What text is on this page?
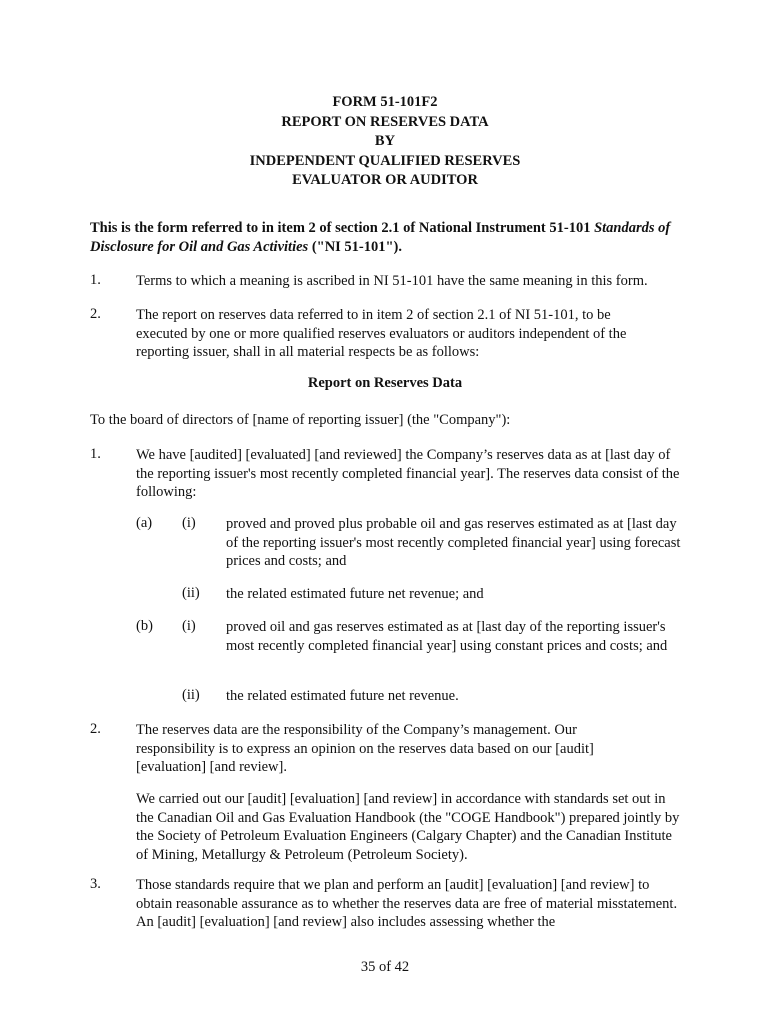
FORM 51-101F2
REPORT ON RESERVES DATA
BY
INDEPENDENT QUALIFIED RESERVES
EVALUATOR OR AUDITOR
This is the form referred to in item 2 of section 2.1 of National Instrument 51-101 Standards of Disclosure for Oil and Gas Activities ("NI 51-101").
1. Terms to which a meaning is ascribed in NI 51-101 have the same meaning in this form.
2. The report on reserves data referred to in item 2 of section 2.1 of NI 51-101, to be executed by one or more qualified reserves evaluators or auditors independent of the reporting issuer, shall in all material respects be as follows:
Report on Reserves Data
To the board of directors of [name of reporting issuer] (the "Company"):
1. We have [audited] [evaluated] [and reviewed] the Company’s reserves data as at [last day of the reporting issuer's most recently completed financial year]. The reserves data consist of the following:
(a) (i) proved and proved plus probable oil and gas reserves estimated as at [last day of the reporting issuer's most recently completed financial year] using forecast prices and costs; and
(ii) the related estimated future net revenue; and
(b) (i) proved oil and gas reserves estimated as at [last day of the reporting issuer's most recently completed financial year] using constant prices and costs; and
(ii) the related estimated future net revenue.
2. The reserves data are the responsibility of the Company’s management. Our responsibility is to express an opinion on the reserves data based on our [audit] [evaluation] [and review].
We carried out our [audit] [evaluation] [and review] in accordance with standards set out in the Canadian Oil and Gas Evaluation Handbook (the "COGE Handbook") prepared jointly by the Society of Petroleum Evaluation Engineers (Calgary Chapter) and the Canadian Institute of Mining, Metallurgy & Petroleum (Petroleum Society).
3. Those standards require that we plan and perform an [audit] [evaluation] [and review] to obtain reasonable assurance as to whether the reserves data are free of material misstatement. An [audit] [evaluation] [and review] also includes assessing whether the
35 of 42
